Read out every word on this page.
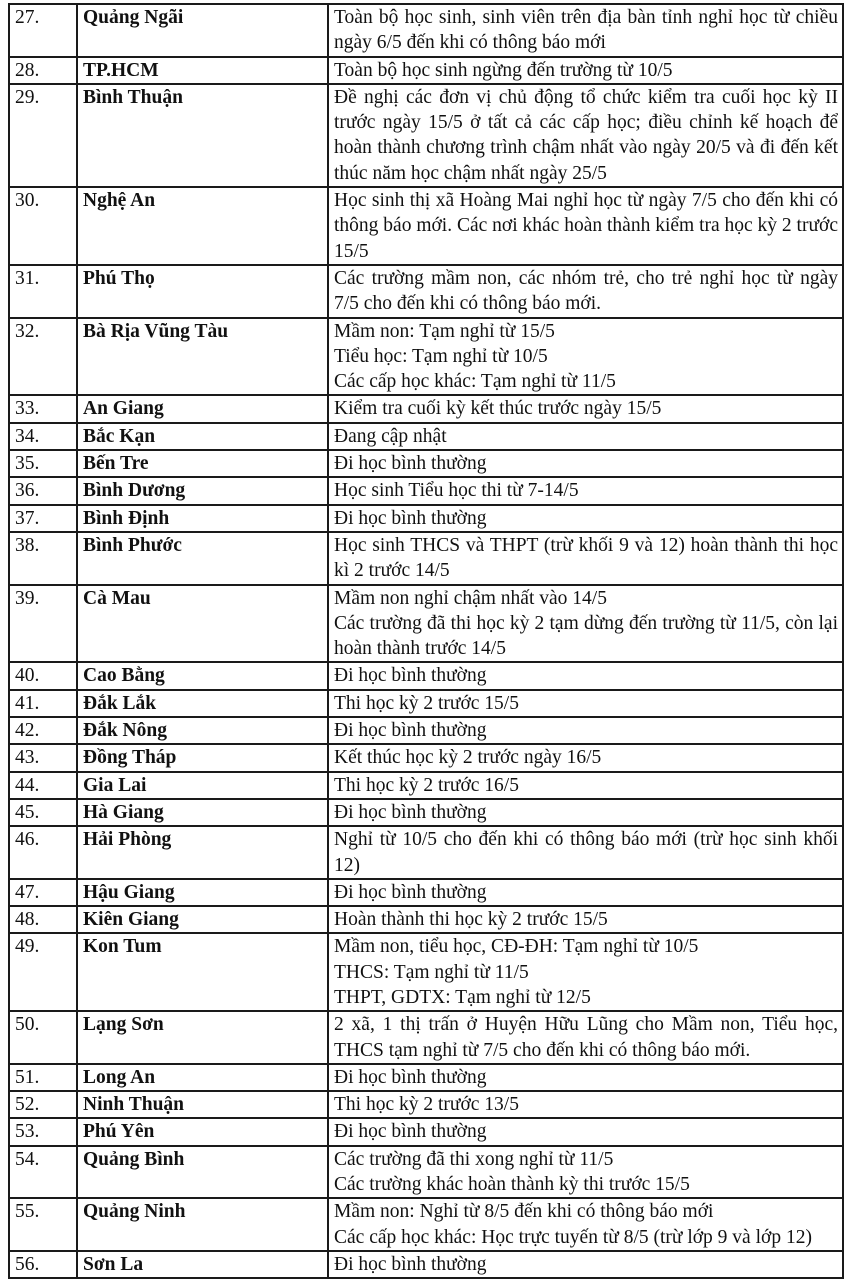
27.	Quảng Ngãi	Toàn bộ học sinh, sinh viên trên địa bàn tỉnh nghỉ học từ chiều ngày 6/5 đến khi có thông báo mới

28.	TP.HCM	Toàn bộ học sinh ngừng đến trường từ 10/5

29.	Bình Thuận	Đề nghị các đơn vị chủ động tổ chức kiểm tra cuối học kỳ II trước ngày 15/5 ở tất cả các cấp học; điều chỉnh kế hoạch để hoàn thành chương trình chậm nhất vào ngày 20/5 và đi đến kết thúc năm học chậm nhất ngày 25/5

30.	Nghệ An	Học sinh thị xã Hoàng Mai nghỉ học từ ngày 7/5 cho đến khi có thông báo mới. Các nơi khác hoàn thành kiểm tra học kỳ 2 trước 15/5

31.	Phú Thọ	Các trường mầm non, các nhóm trẻ, cho trẻ nghỉ học từ ngày 7/5 cho đến khi có thông báo mới.

32.	Bà Rịa Vũng Tàu	Mầm non: Tạm nghỉ từ 15/5
Tiểu học: Tạm nghỉ từ 10/5
Các cấp học khác: Tạm nghỉ từ 11/5

33.	An Giang	Kiểm tra cuối kỳ kết thúc trước ngày 15/5

34.	Bắc Kạn	Đang cập nhật

35.	Bến Tre	Đi học bình thường

36.	Bình Dương	Học sinh Tiểu học thi từ 7-14/5

37.	Bình Định	Đi học bình thường

38.	Bình Phước	Học sinh THCS và THPT (trừ khối 9 và 12) hoàn thành thi học kì 2 trước 14/5

39.	Cà Mau	Mầm non nghỉ chậm nhất vào 14/5
Các trường đã thi học kỳ 2 tạm dừng đến trường từ 11/5, còn lại hoàn thành trước 14/5

40.	Cao Bằng	Đi học bình thường

41.	Đắk Lắk	Thi học kỳ 2 trước 15/5

42.	Đắk Nông	Đi học bình thường

43.	Đồng Tháp	Kết thúc học kỳ 2 trước ngày 16/5

44.	Gia Lai	Thi học kỳ 2 trước 16/5

45.	Hà Giang	Đi học bình thường

46.	Hải Phòng	Nghỉ từ 10/5 cho đến khi có thông báo mới (trừ học sinh khối 12)

47.	Hậu Giang	Đi học bình thường

48.	Kiên Giang	Hoàn thành thi học kỳ 2 trước 15/5

49.	Kon Tum	Mầm non, tiểu học, CĐ-ĐH: Tạm nghỉ từ 10/5
THCS: Tạm nghỉ từ 11/5
THPT, GDTX: Tạm nghỉ từ 12/5

50.	Lạng Sơn	2 xã, 1 thị trấn ở Huyện Hữu Lũng cho Mầm non, Tiểu học, THCS tạm nghỉ từ 7/5 cho đến khi có thông báo mới.

51.	Long An	Đi học bình thường

52.	Ninh Thuận	Thi học kỳ 2 trước 13/5

53.	Phú Yên	Đi học bình thường

54.	Quảng Bình	Các trường đã thi xong nghỉ từ 11/5
Các trường khác hoàn thành kỳ thi trước 15/5

55.	Quảng Ninh	Mầm non: Nghỉ từ 8/5 đến khi có thông báo mới
Các cấp học khác: Học trực tuyến từ 8/5 (trừ lớp 9 và lớp 12)

56.	Sơn La	Đi học bình thường
